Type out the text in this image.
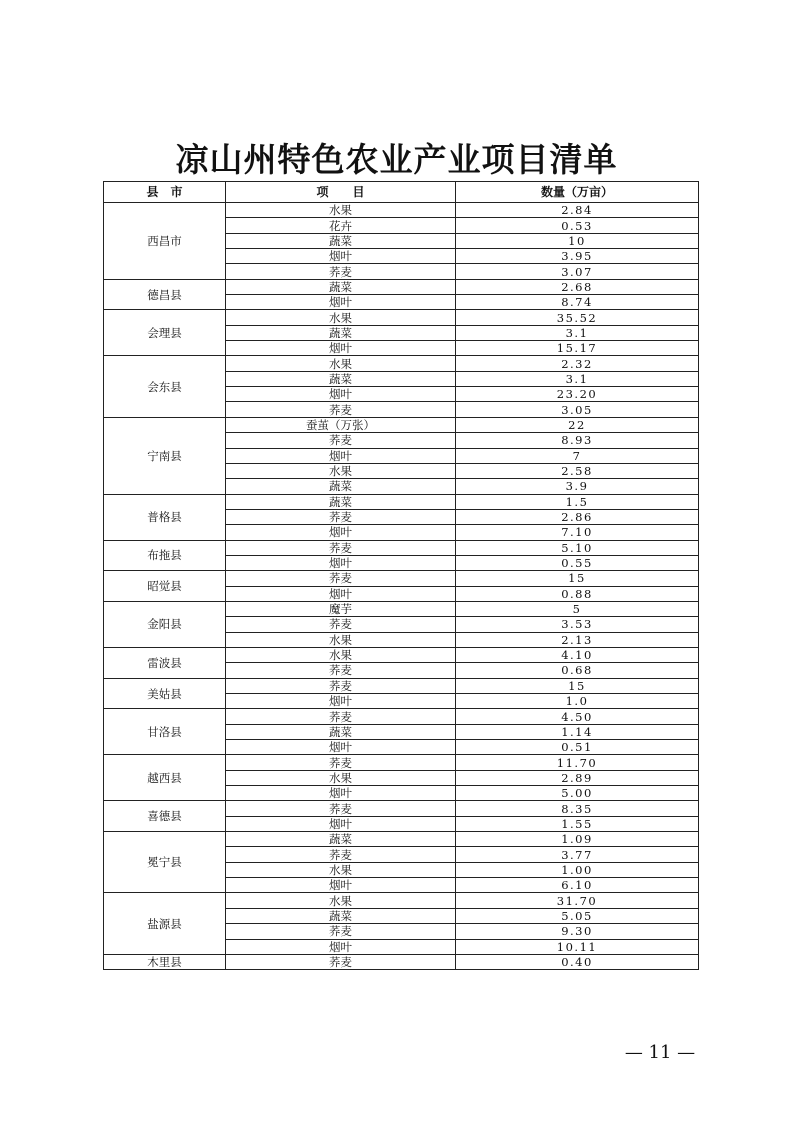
凉山州特色农业产业项目清单
县　市	项　　目	数量（万亩）
西昌市	水果	2.84
	花卉	0.53
	蔬菜	10
	烟叶	3.95
	荞麦	3.07
德昌县	蔬菜	2.68
	烟叶	8.74
会理县	水果	35.52
	蔬菜	3.1
	烟叶	15.17
会东县	水果	2.32
	蔬菜	3.1
	烟叶	23.20
	荞麦	3.05
宁南县	蚕茧（万张）	22
	荞麦	8.93
	烟叶	7
	水果	2.58
	蔬菜	3.9
普格县	蔬菜	1.5
	荞麦	2.86
	烟叶	7.10
布拖县	荞麦	5.10
	烟叶	0.55
昭觉县	荞麦	15
	烟叶	0.88
金阳县	魔芋	5
	荞麦	3.53
	水果	2.13
雷波县	水果	4.10
	荞麦	0.68
美姑县	荞麦	15
	烟叶	1.0
甘洛县	荞麦	4.50
	蔬菜	1.14
	烟叶	0.51
越西县	荞麦	11.70
	水果	2.89
	烟叶	5.00
喜德县	荞麦	8.35
	烟叶	1.55
冕宁县	蔬菜	1.09
	荞麦	3.77
	水果	1.00
	烟叶	6.10
盐源县	水果	31.70
	蔬菜	5.05
	荞麦	9.30
	烟叶	10.11
木里县	荞麦	0.40
— 11 —
